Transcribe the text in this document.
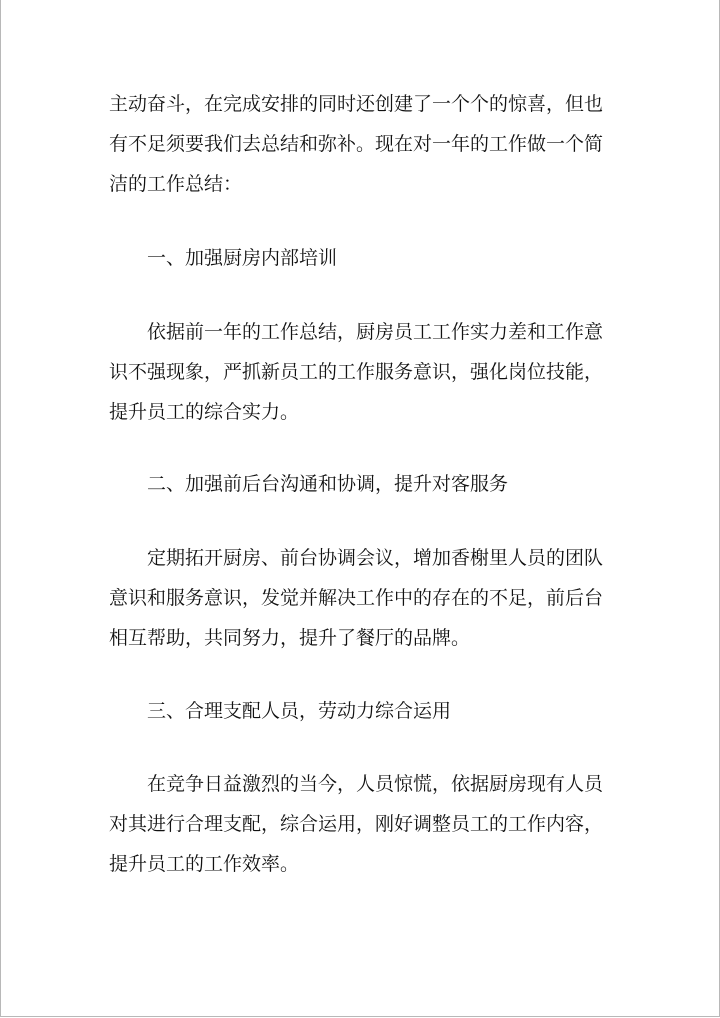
主动奋斗，在完成安排的同时还创建了一个个的惊喜，但也

有不足须要我们去总结和弥补。现在对一年的工作做一个简

洁的工作总结：

一、加强厨房内部培训

依据前一年的工作总结，厨房员工工作实力差和工作意

识不强现象，严抓新员工的工作服务意识，强化岗位技能，

提升员工的综合实力。

二、加强前后台沟通和协调，提升对客服务

定期拓开厨房、前台协调会议，增加香榭里人员的团队

意识和服务意识，发觉并解决工作中的存在的不足，前后台

相互帮助，共同努力，提升了餐厅的品牌。

三、合理支配人员，劳动力综合运用

在竞争日益激烈的当今，人员惊慌，依据厨房现有人员

对其进行合理支配，综合运用，刚好调整员工的工作内容，

提升员工的工作效率。
